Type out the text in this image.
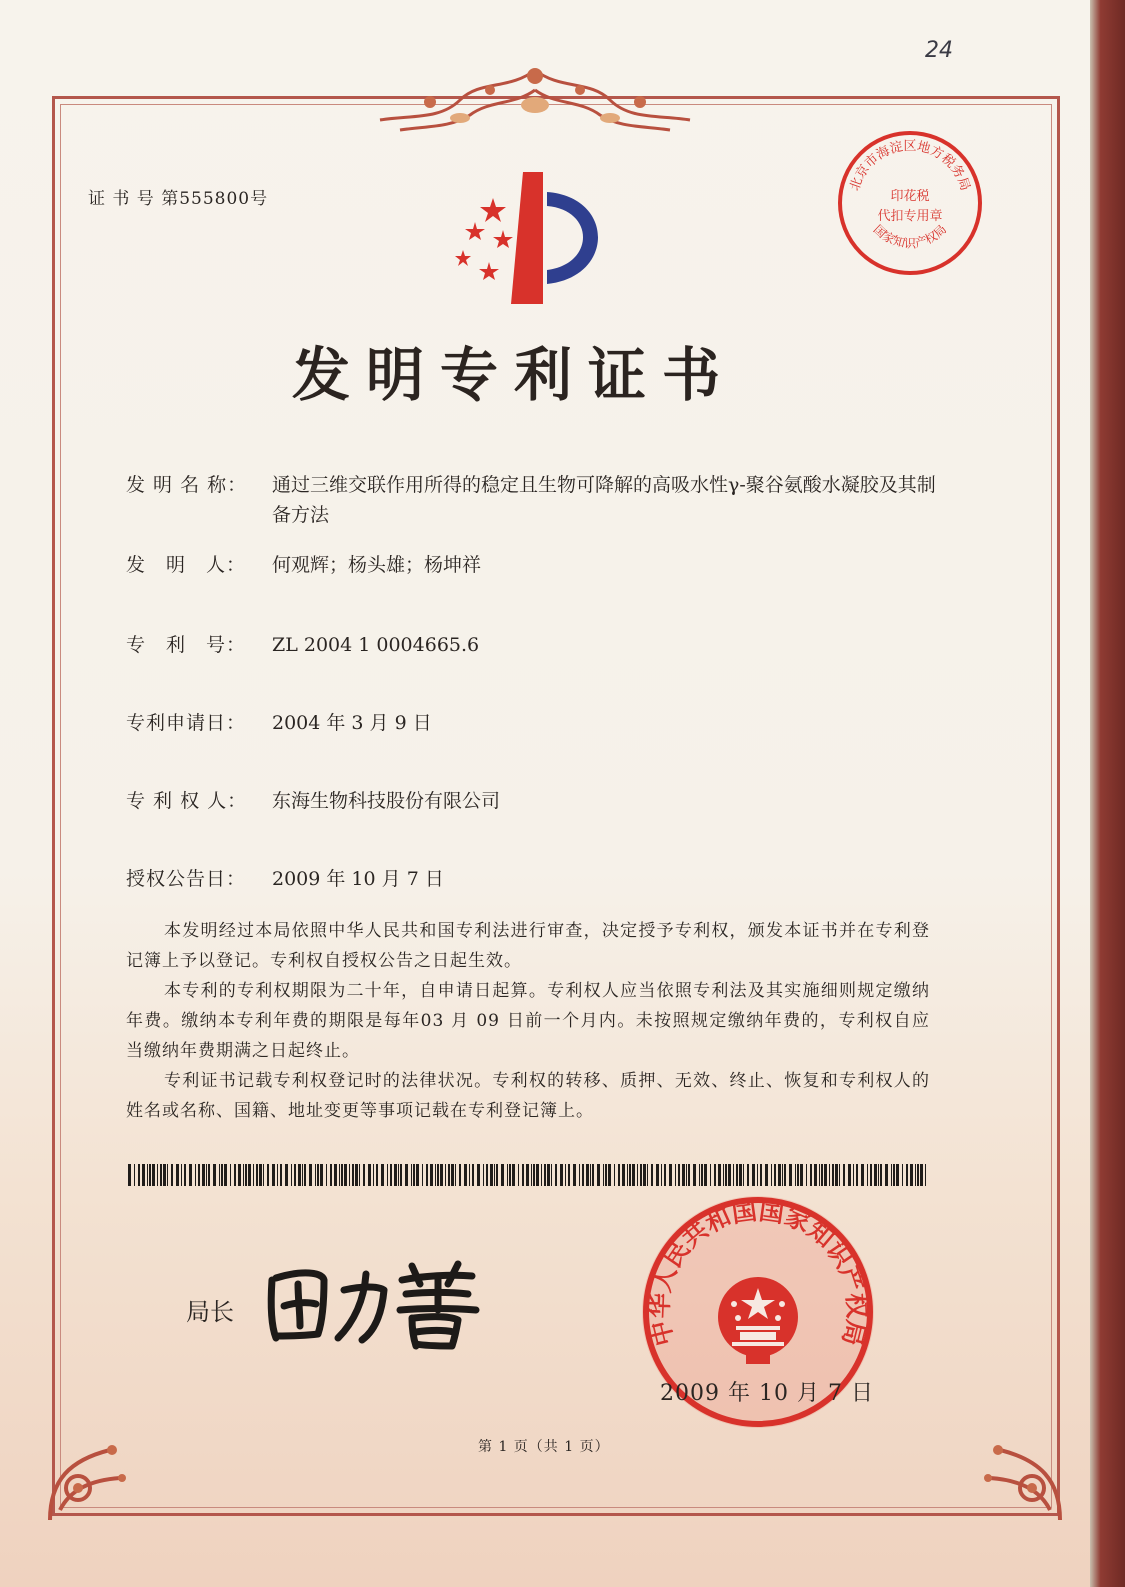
24
证 书 号 第555800号
北京市海淀区地方税务局
印花税
代扣专用章
国家知识产权局
发明专利证书
发 明 名 称：	通过三维交联作用所得的稳定且生物可降解的高吸水性γ-聚谷氨酸水凝胶及其制备方法
发　明　人：	何观辉；杨头雄；杨坤祥
专　利　号：	ZL 2004 1 0004665.6
专利申请日：	2004 年 3 月 9 日
专 利 权 人：	东海生物科技股份有限公司
授权公告日：	2009 年 10 月 7 日

本发明经过本局依照中华人民共和国专利法进行审查，决定授予专利权，颁发本证书并在专利登记簿上予以登记。专利权自授权公告之日起生效。

本专利的专利权期限为二十年，自申请日起算。专利权人应当依照专利法及其实施细则规定缴纳年费。缴纳本专利年费的期限是每年03 月 09 日前一个月内。未按照规定缴纳年费的，专利权自应当缴纳年费期满之日起终止。

专利证书记载专利权登记时的法律状况。专利权的转移、质押、无效、终止、恢复和专利权人的姓名或名称、国籍、地址变更等事项记载在专利登记簿上。

局长
中华人民共和国国家知识产权局
2009 年 10 月 7 日
第 1 页（共 1 页）
